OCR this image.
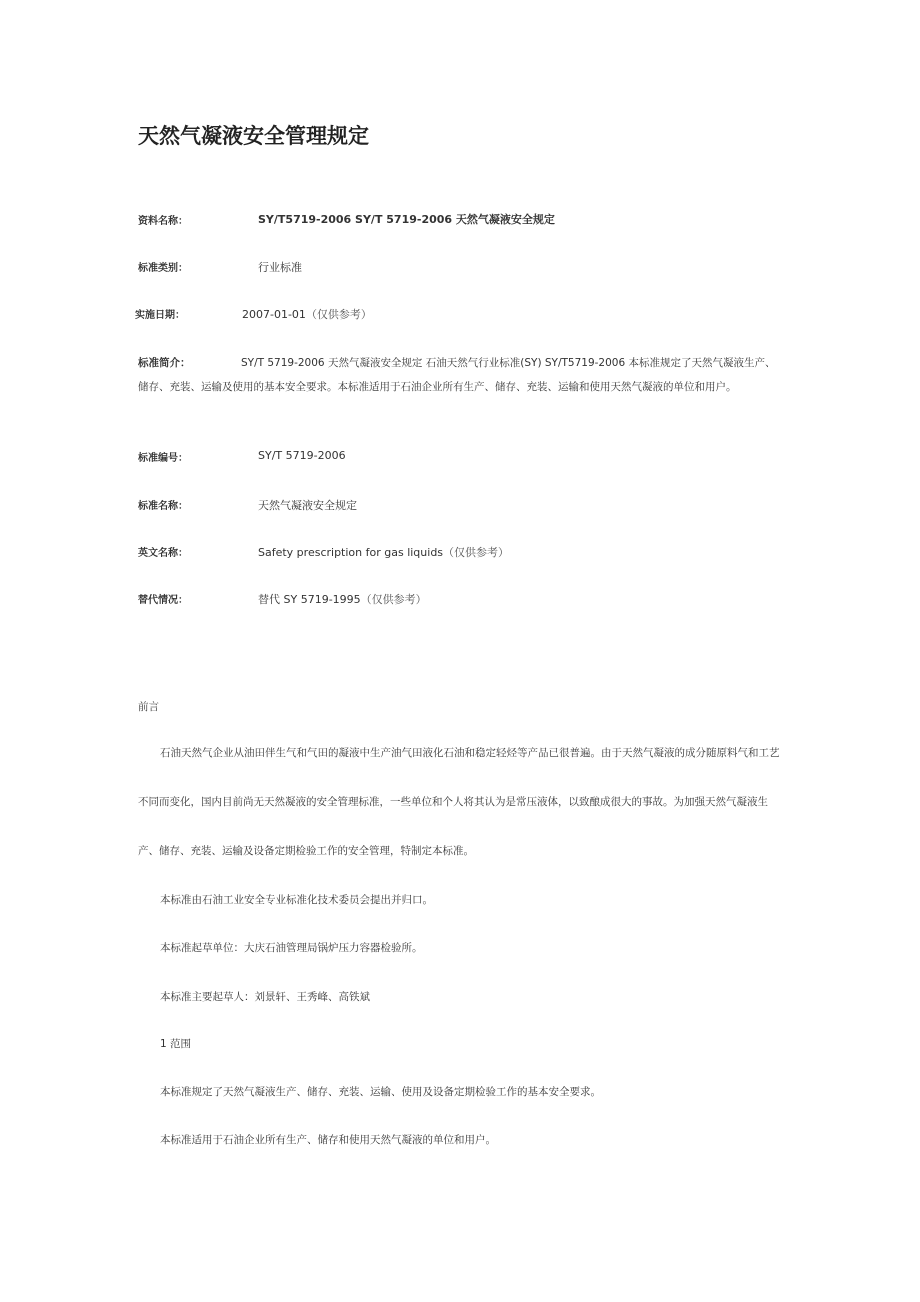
天然气凝液安全管理规定
资料名称：	SY/T5719-2006 SY/T 5719-2006 天然气凝液安全规定
标准类别：	行业标准
实施日期：	2007-01-01（仅供参考）
标准简介：	SY/T 5719-2006 天然气凝液安全规定 石油天然气行业标准(SY) SY/T5719-2006 本标准规定了天然气凝液生产、储存、充装、运输及使用的基本安全要求。本标准适用于石油企业所有生产、储存、充装、运输和使用天然气凝液的单位和用户。
标准编号：	SY/T 5719-2006
标准名称：	天然气凝液安全规定
英文名称：	Safety prescription for gas liquids（仅供参考）
替代情况：	替代 SY 5719-1995（仅供参考）
前言
石油天然气企业从油田伴生气和气田的凝液中生产油气田液化石油和稳定轻烃等产品已很普遍。由于天然气凝液的成分随原料气和工艺不同而变化，国内目前尚无天然凝液的安全管理标准，一些单位和个人将其认为是常压液体，以致酿成很大的事故。为加强天然气凝液生产、储存、充装、运输及设备定期检验工作的安全管理，特制定本标准。
本标准由石油工业安全专业标准化技术委员会提出并归口。
本标准起草单位：大庆石油管理局锅炉压力容器检验所。
本标准主要起草人：刘景轩、王秀峰、高铁斌
1 范围
本标准规定了天然气凝液生产、储存、充装、运输、使用及设备定期检验工作的基本安全要求。
本标准适用于石油企业所有生产、储存和使用天然气凝液的单位和用户。
